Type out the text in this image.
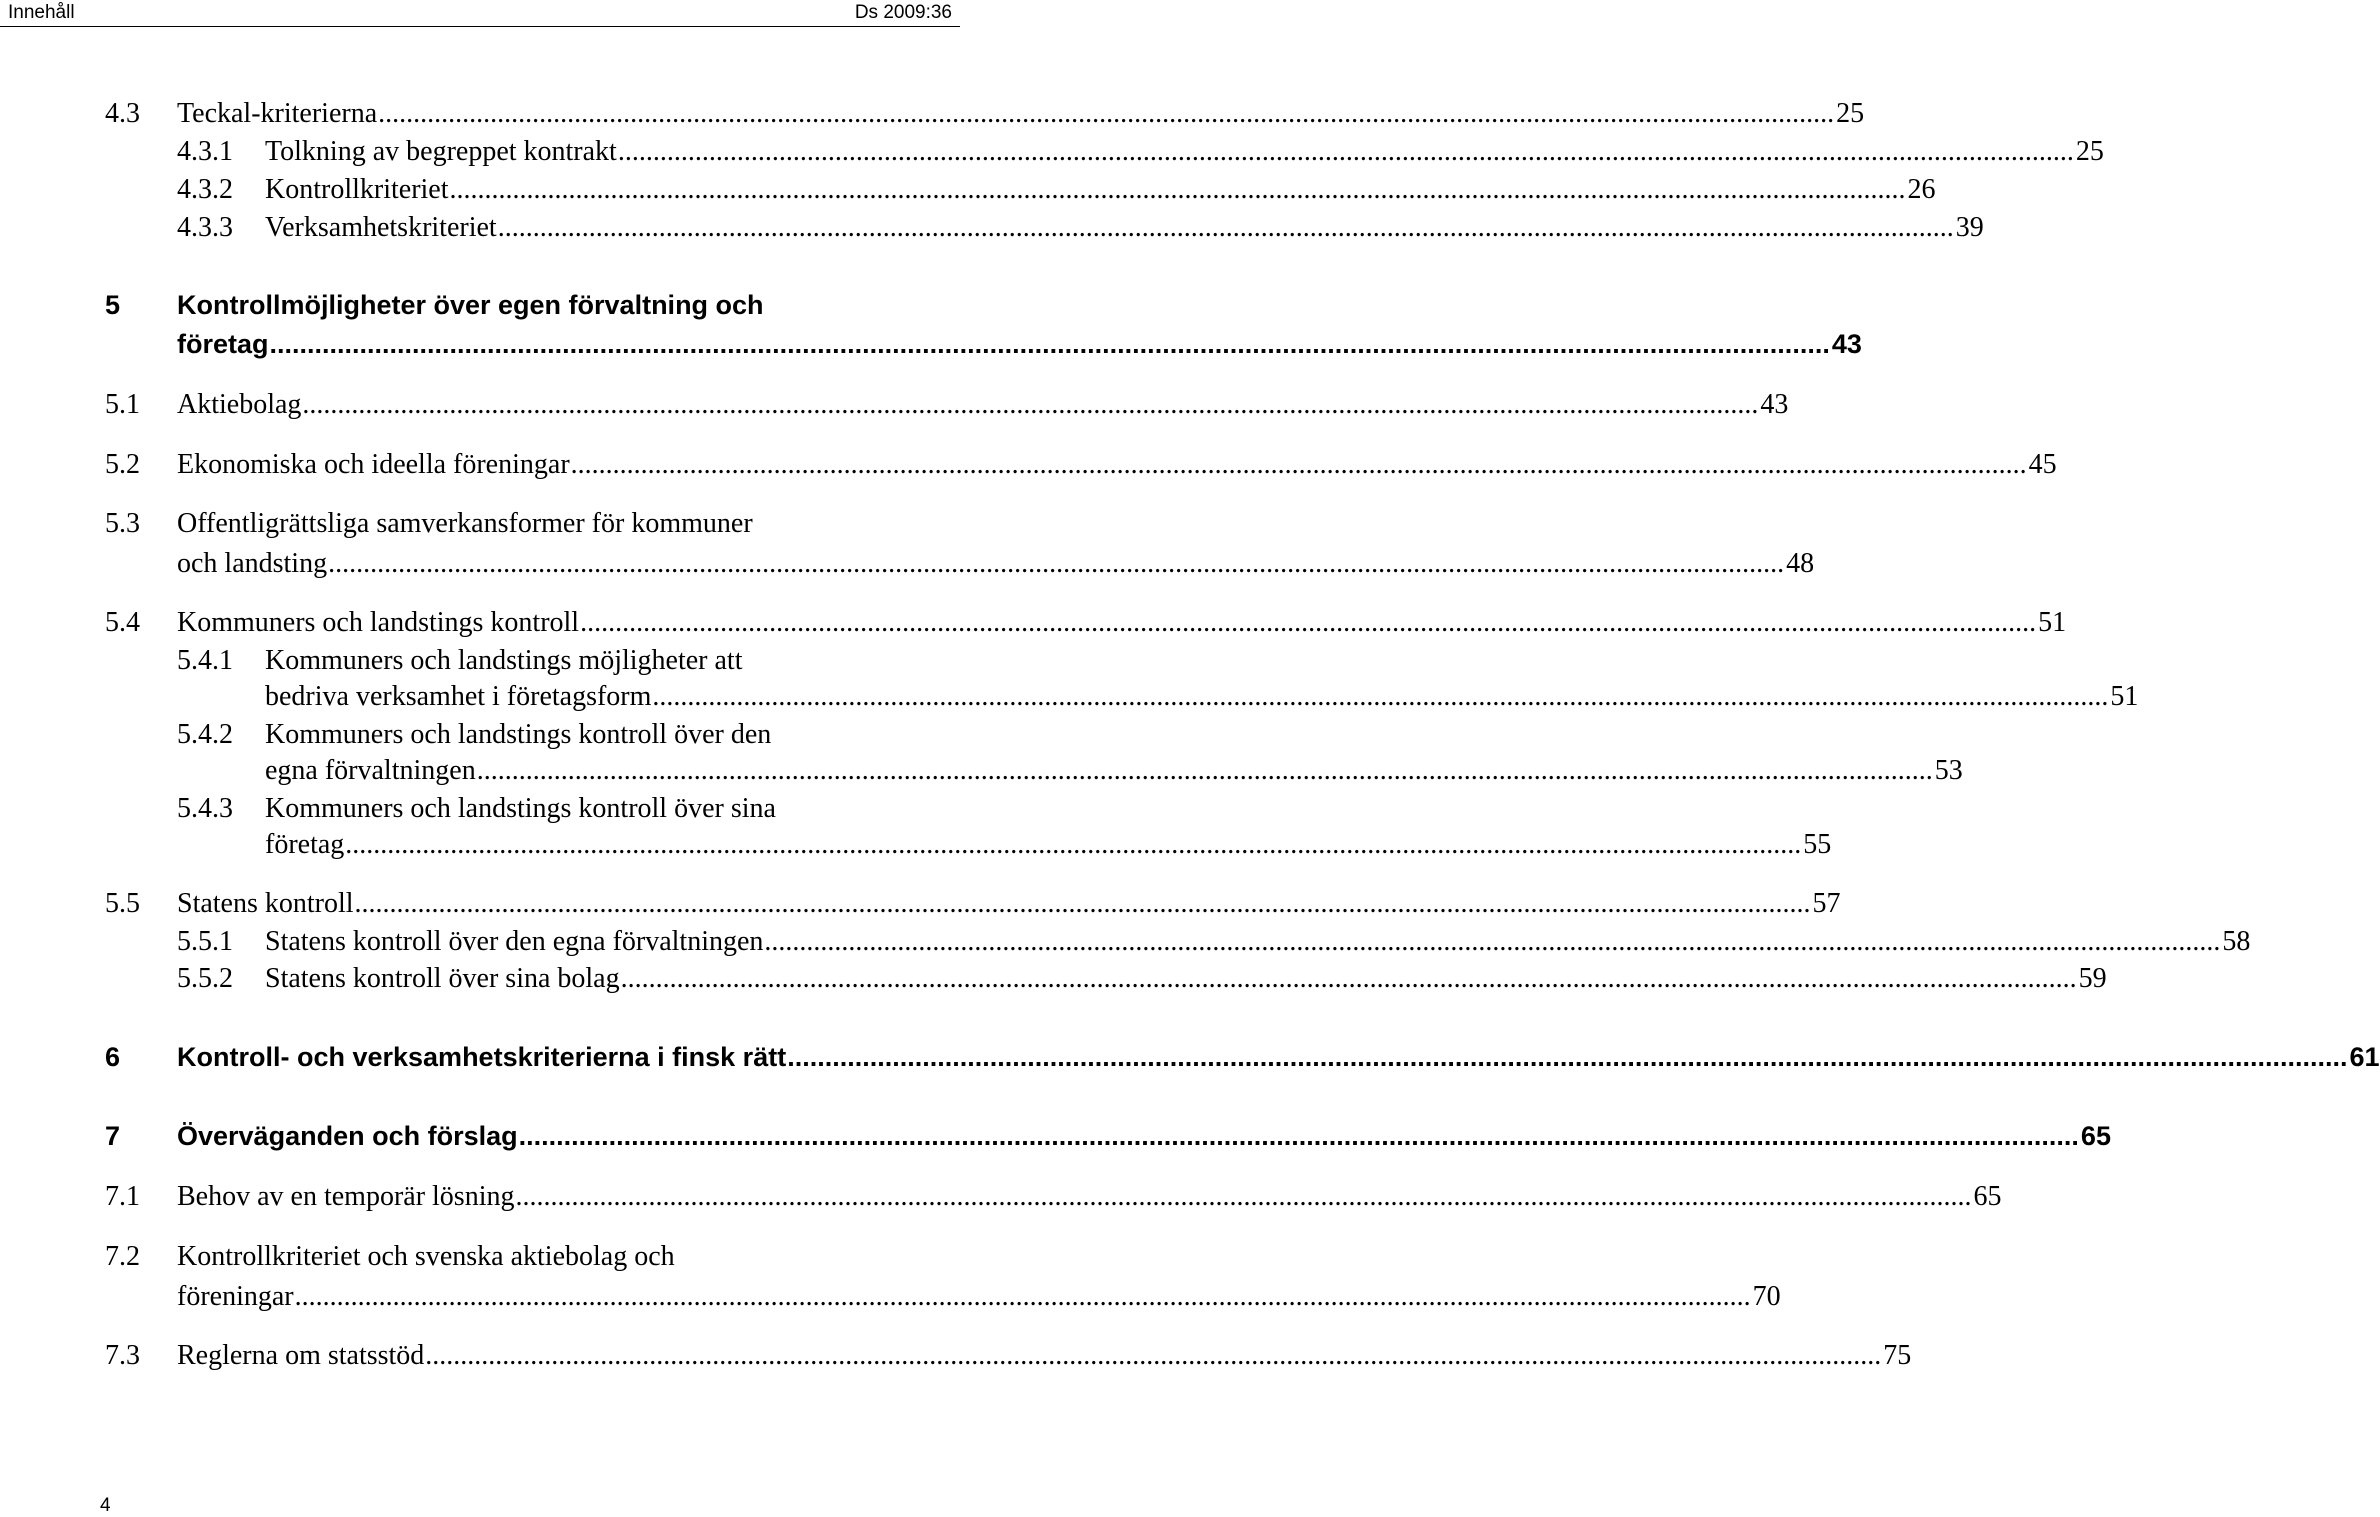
Innehåll	Ds 2009:36
4.3 Teckal-kriterierna ................................................................................................................................................................................................................ 25
4.3.1 Tolkning av begreppet kontrakt ................................................................................................................................................................................................................ 25
4.3.2 Kontrollkriteriet ................................................................................................................................................................................................................ 26
4.3.3 Verksamhetskriteriet ................................................................................................................................................................................................................ 39
5 Kontrollmöjligheter över egen förvaltning och
företag ................................................................................................................................................................................................................ 43
5.1 Aktiebolag ................................................................................................................................................................................................................ 43
5.2 Ekonomiska och ideella föreningar ................................................................................................................................................................................................................ 45
5.3 Offentligrättsliga samverkansformer för kommuner
och landsting ................................................................................................................................................................................................................ 48
5.4 Kommuners och landstings kontroll ................................................................................................................................................................................................................ 51
5.4.1 Kommuners och landstings möjligheter att
bedriva verksamhet i företagsform ................................................................................................................................................................................................................ 51
5.4.2 Kommuners och landstings kontroll över den
egna förvaltningen ................................................................................................................................................................................................................ 53
5.4.3 Kommuners och landstings kontroll över sina
företag ................................................................................................................................................................................................................ 55
5.5 Statens kontroll ................................................................................................................................................................................................................ 57
5.5.1 Statens kontroll över den egna förvaltningen ................................................................................................................................................................................................................ 58
5.5.2 Statens kontroll över sina bolag ................................................................................................................................................................................................................ 59
6 Kontroll- och verksamhetskriterierna i finsk rätt ................................................................................................................................................................................................................ 61
7 Överväganden och förslag ................................................................................................................................................................................................................ 65
7.1 Behov av en temporär lösning ................................................................................................................................................................................................................ 65
7.2 Kontrollkriteriet och svenska aktiebolag och
föreningar ................................................................................................................................................................................................................ 70
7.3 Reglerna om statsstöd ................................................................................................................................................................................................................ 75
4
